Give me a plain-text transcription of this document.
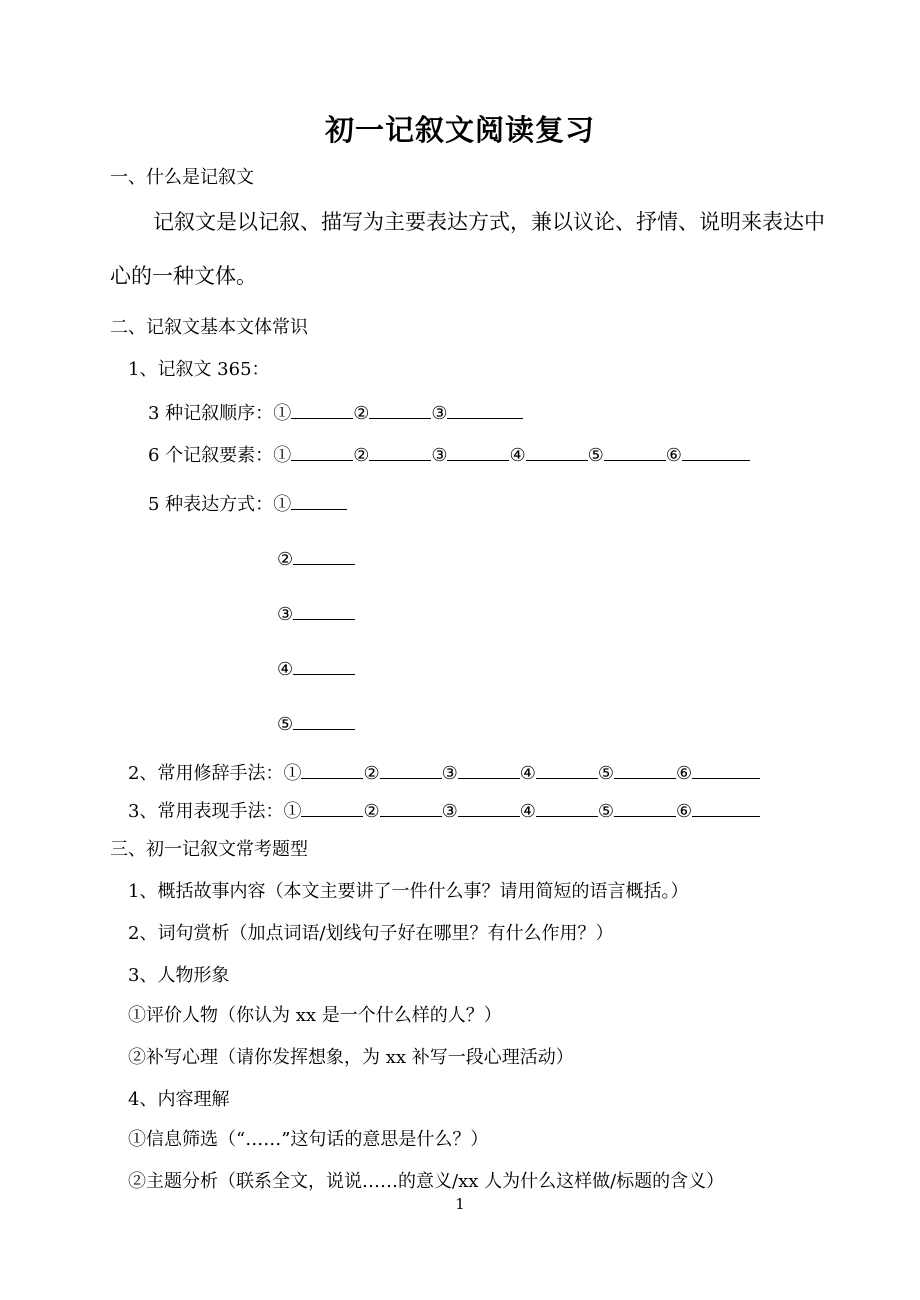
初一记叙文阅读复习
一、什么是记叙文
记叙文是以记叙、描写为主要表达方式，兼以议论、抒情、说明来表达中
心的一种文体。
二、记叙文基本文体常识
1、记叙文 365：
3 种记叙顺序：①	②	③
6 个记叙要素：①	②	③	④	⑤	⑥
5 种表达方式：①
②
③
④
⑤
2、常用修辞手法：①	②	③	④	⑤	⑥
3、常用表现手法：①	②	③	④	⑤	⑥
三、初一记叙文常考题型
1、概括故事内容（本文主要讲了一件什么事？请用简短的语言概括。）
2、词句赏析（加点词语/划线句子好在哪里？有什么作用？）
3、人物形象
①评价人物（你认为 xx 是一个什么样的人？）
②补写心理（请你发挥想象，为 xx 补写一段心理活动）
4、内容理解
①信息筛选（“……”这句话的意思是什么？）
②主题分析（联系全文，说说……的意义/xx 人为什么这样做/标题的含义）
1
